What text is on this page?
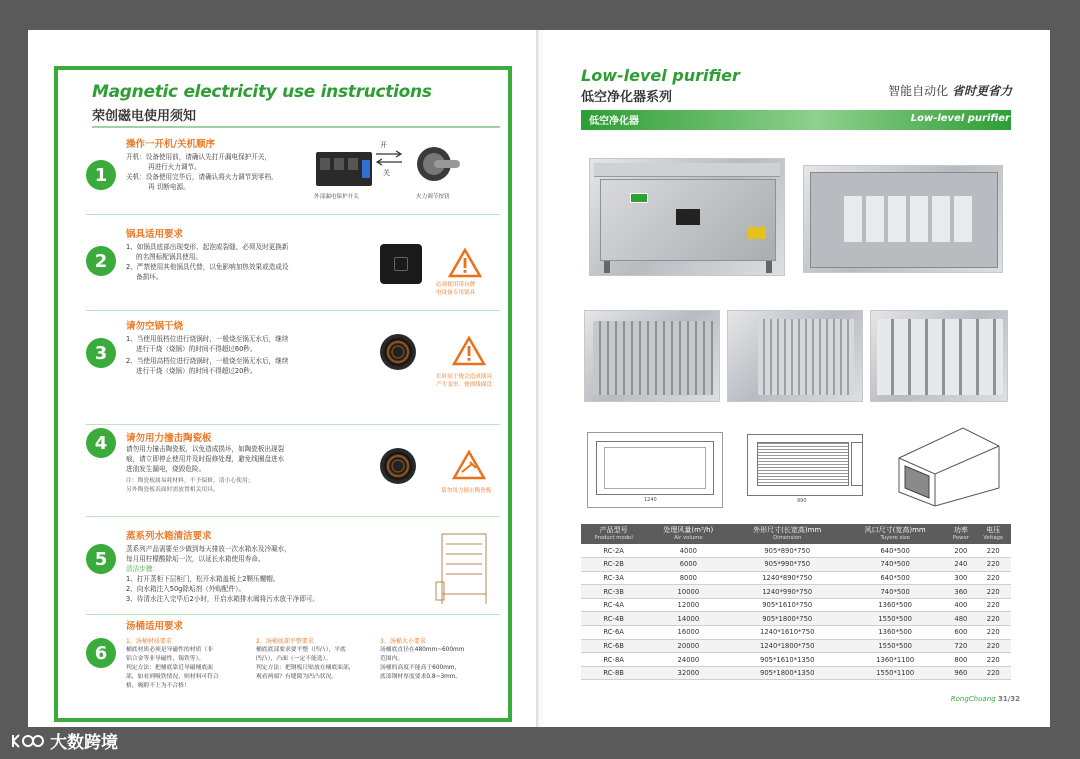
Magnetic electricity use instructions
荣创磁电使用须知
1
操作一开机/关机顺序
开机：设备使用前，请确认先打开漏电保护开关，
再进行火力调节。
关机：设备使用完毕后，请确认将火力调节到零档，
再 切断电源。
开
关
外部漏电保护开关	火力调节按钮
2
锅具适用要求
1、如锅具底部出现变形、起泡或裂缝，必须及时更换新
的名图标配锅具使用。
2、严禁使用其他锅具代替，以免影响加热效果或造成设
备损坏。
必须使用带台牌
电设备专用锅具
3
请勿空锅干烧
1、当使用低档位进行烧锅时，一般烧至锅无水后，继续
进行干烧（烧锅）的时间不得超过60秒。
2、当使用高档位进行烧锅时，一般烧至锅无水后，继续
进行干烧（烧锅）的时间不得超过20秒。
长时间干烧会造成锅具
产生变形、烧损线圈盘
4	请勿用力撞击陶瓷板
请勿用力撞击陶瓷板，以免造成损坏，如陶瓷板出现裂
痕，请立即停止使用并及时报修处理，避免线圈盘进水
进油发生漏电，烧毁危险。
注：陶瓷板属易耗材料，不予保修，请小心使用；
另外陶瓷板表面时需放置相关用具。	请勿用力撞击陶瓷板
5
蒸系列水箱清洁要求
蒸系列产品需要至少做到每天排放一次水箱水及冷凝水，
每月用柠檬酸除垢一次，以延长水箱使用寿命。
清洁步骤：
1、打开蒸柜下层柜门，松开水箱盖板上2颗压螺帽。
2、向水箱注入50g除垢剂（外购配件）。
3、待清水注入完毕后2小时，开启水箱排水阀将污水放干净即可。
6
汤桶适用要求
1、汤桶材质要求
桶底材质必须是导磁性的材质（非
铝合金等非导磁性，锡铁等）。
判定方法：把桶底靠近导磁桶底面
部，如看到吸铁情况，则材料可符合
格，吸附不上为不合格！
2、汤桶底部平整要求
桶底底部要求要平整（凹凸），平底
凹凸），凸面（一定不能选）。
判定方法：把钢板尺贴放在桶底面部，
观看两端？有缝隙为凹凸状况。
3、汤桶大小要求
汤桶底直径在480mm~600mm
范围内。
汤桶的高度不能高于600mm，
底部钢材厚度要求0.8~3mm。
Low-level purifier
低空净化器系列	智能自动化 省时更省力
低空净化器	Low-level purifier
1240	990
产品型号
Product model	处理风量(m³/h)
Air volume	外形尺寸(长宽高)mm
Dimension	风口尺寸(宽高)mm
Tuyere size	功率
Power	电压
Voltage

RC-2A	4000	905*890*750	640*500	200	220
RC-2B	6000	905*990*750	740*500	240	220
RC-3A	8000	1240*890*750	640*500	300	220
RC-3B	10000	1240*990*750	740*500	360	220
RC-4A	12000	905*1610*750	1360*500	400	220
RC-4B	14000	905*1800*750	1550*500	480	220
RC-6A	16000	1240*1610*750	1360*500	600	220
RC-6B	20000	1240*1800*750	1550*500	720	220
RC-8A	24000	905*1610*1350	1360*1100	800	220
RC-8B	32000	905*1800*1350	1550*1100	960	220
RongChuang 31/32
大数跨境
